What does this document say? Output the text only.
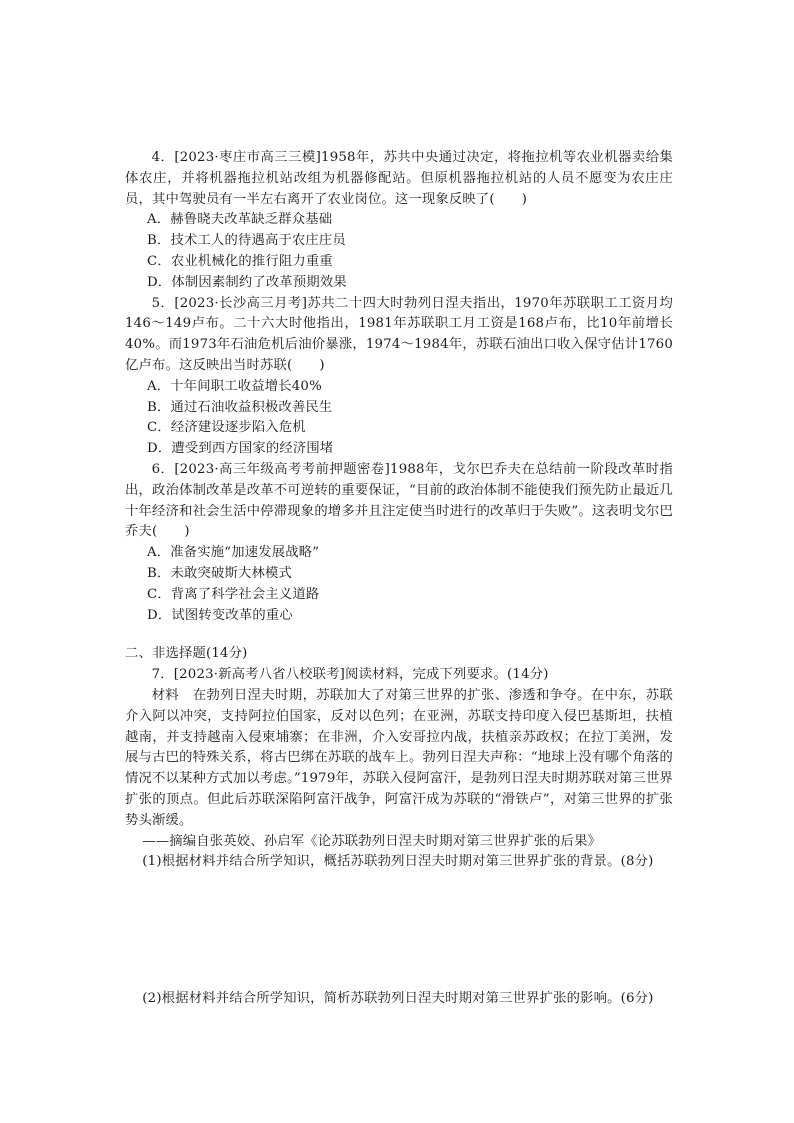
4．[2023·枣庄市高三三模]1958年，苏共中央通过决定，将拖拉机等农业机器卖给集体农庄，并将机器拖拉机站改组为机器修配站。但原机器拖拉机站的人员不愿变为农庄庄员，其中驾驶员有一半左右离开了农业岗位。这一现象反映了(　　)

A．赫鲁晓夫改革缺乏群众基础

B．技术工人的待遇高于农庄庄员

C．农业机械化的推行阻力重重

D．体制因素制约了改革预期效果

5．[2023·长沙高三月考]苏共二十四大时勃列日涅夫指出，1970年苏联职工工资月均146～149卢布。二十六大时他指出，1981年苏联职工月工资是168卢布，比10年前增长40%。而1973年石油危机后油价暴涨，1974～1984年，苏联石油出口收入保守估计1760亿卢布。这反映出当时苏联(　　)

A．十年间职工收益增长40%

B．通过石油收益积极改善民生

C．经济建设逐步陷入危机

D．遭受到西方国家的经济围堵

6．[2023·高三年级高考考前押题密卷]1988年，戈尔巴乔夫在总结前一阶段改革时指出，政治体制改革是改革不可逆转的重要保证，“目前的政治体制不能使我们预先防止最近几十年经济和社会生活中停滞现象的增多并且注定使当时进行的改革归于失败”。这表明戈尔巴乔夫(　　)

A．准备实施“加速发展战略”

B．未敢突破斯大林模式

C．背离了科学社会主义道路

D．试图转变改革的重心

二、非选择题(14分)

7．[2023·新高考八省八校联考]阅读材料，完成下列要求。(14分)

材料　在勃列日涅夫时期，苏联加大了对第三世界的扩张、渗透和争夺。在中东，苏联介入阿以冲突，支持阿拉伯国家，反对以色列；在亚洲，苏联支持印度入侵巴基斯坦，扶植越南，并支持越南入侵柬埔寨；在非洲，介入安哥拉内战，扶植亲苏政权；在拉丁美洲，发展与古巴的特殊关系，将古巴绑在苏联的战车上。勃列日涅夫声称：“地球上没有哪个角落的情况不以某种方式加以考虑。”1979年，苏联入侵阿富汗，是勃列日涅夫时期苏联对第三世界扩张的顶点。但此后苏联深陷阿富汗战争，阿富汗成为苏联的“滑铁卢”，对第三世界的扩张势头渐缓。

——摘编自张英姣、孙启军《论苏联勃列日涅夫时期对第三世界扩张的后果》

(1)根据材料并结合所学知识，概括苏联勃列日涅夫时期对第三世界扩张的背景。(8分)

(2)根据材料并结合所学知识，简析苏联勃列日涅夫时期对第三世界扩张的影响。(6分)
